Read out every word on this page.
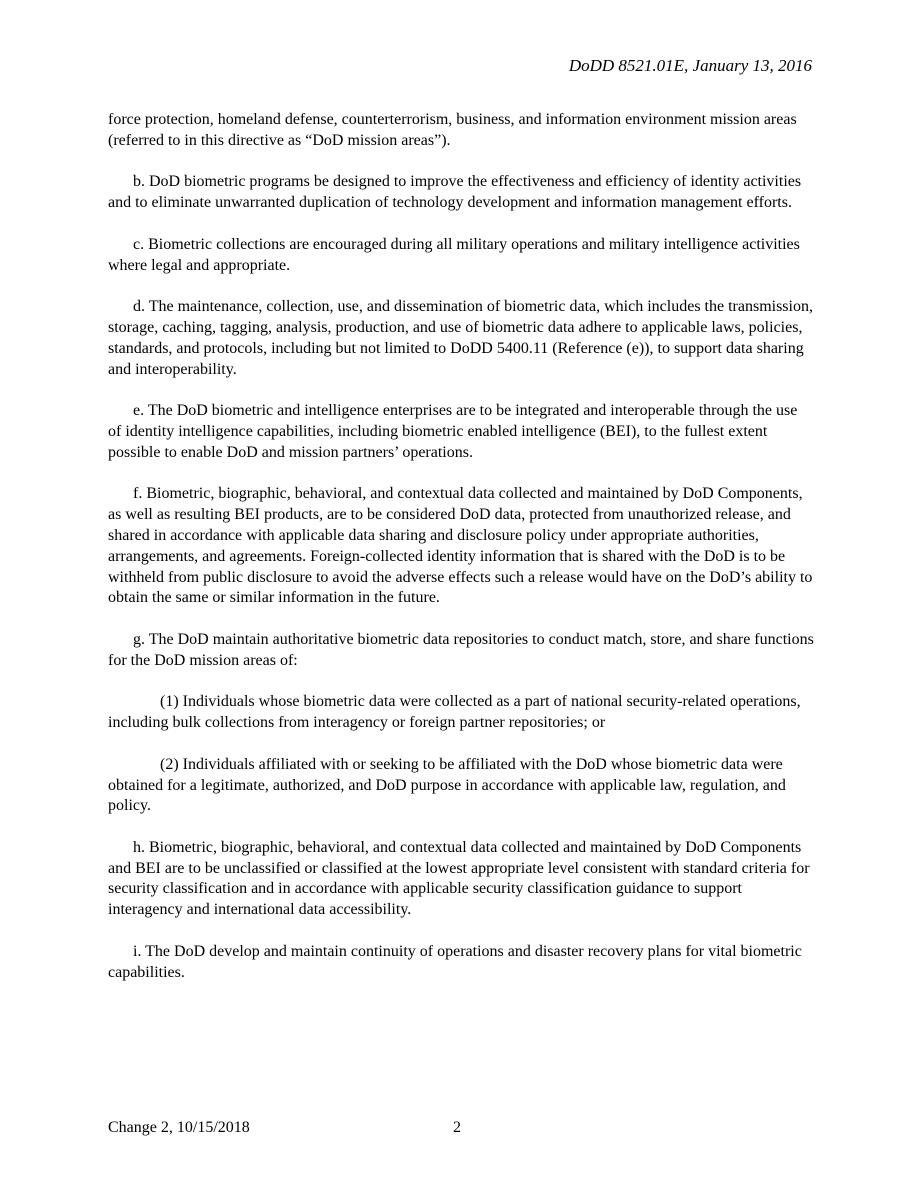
DoDD 8521.01E, January 13, 2016

force protection, homeland defense, counterterrorism, business, and information environment mission areas (referred to in this directive as “DoD mission areas”).

b. DoD biometric programs be designed to improve the effectiveness and efficiency of identity activities and to eliminate unwarranted duplication of technology development and information management efforts.

c. Biometric collections are encouraged during all military operations and military intelligence activities where legal and appropriate.

d. The maintenance, collection, use, and dissemination of biometric data, which includes the transmission, storage, caching, tagging, analysis, production, and use of biometric data adhere to applicable laws, policies, standards, and protocols, including but not limited to DoDD 5400.11 (Reference (e)), to support data sharing and interoperability.

e. The DoD biometric and intelligence enterprises are to be integrated and interoperable through the use of identity intelligence capabilities, including biometric enabled intelligence (BEI), to the fullest extent possible to enable DoD and mission partners’ operations.

f. Biometric, biographic, behavioral, and contextual data collected and maintained by DoD Components, as well as resulting BEI products, are to be considered DoD data, protected from unauthorized release, and shared in accordance with applicable data sharing and disclosure policy under appropriate authorities, arrangements, and agreements. Foreign-collected identity information that is shared with the DoD is to be withheld from public disclosure to avoid the adverse effects such a release would have on the DoD’s ability to obtain the same or similar information in the future.

g. The DoD maintain authoritative biometric data repositories to conduct match, store, and share functions for the DoD mission areas of:

(1) Individuals whose biometric data were collected as a part of national security-related operations, including bulk collections from interagency or foreign partner repositories; or

(2) Individuals affiliated with or seeking to be affiliated with the DoD whose biometric data were obtained for a legitimate, authorized, and DoD purpose in accordance with applicable law, regulation, and policy.

h. Biometric, biographic, behavioral, and contextual data collected and maintained by DoD Components and BEI are to be unclassified or classified at the lowest appropriate level consistent with standard criteria for security classification and in accordance with applicable security classification guidance to support interagency and international data accessibility.

i. The DoD develop and maintain continuity of operations and disaster recovery plans for vital biometric capabilities.

Change 2, 10/15/2018	2
